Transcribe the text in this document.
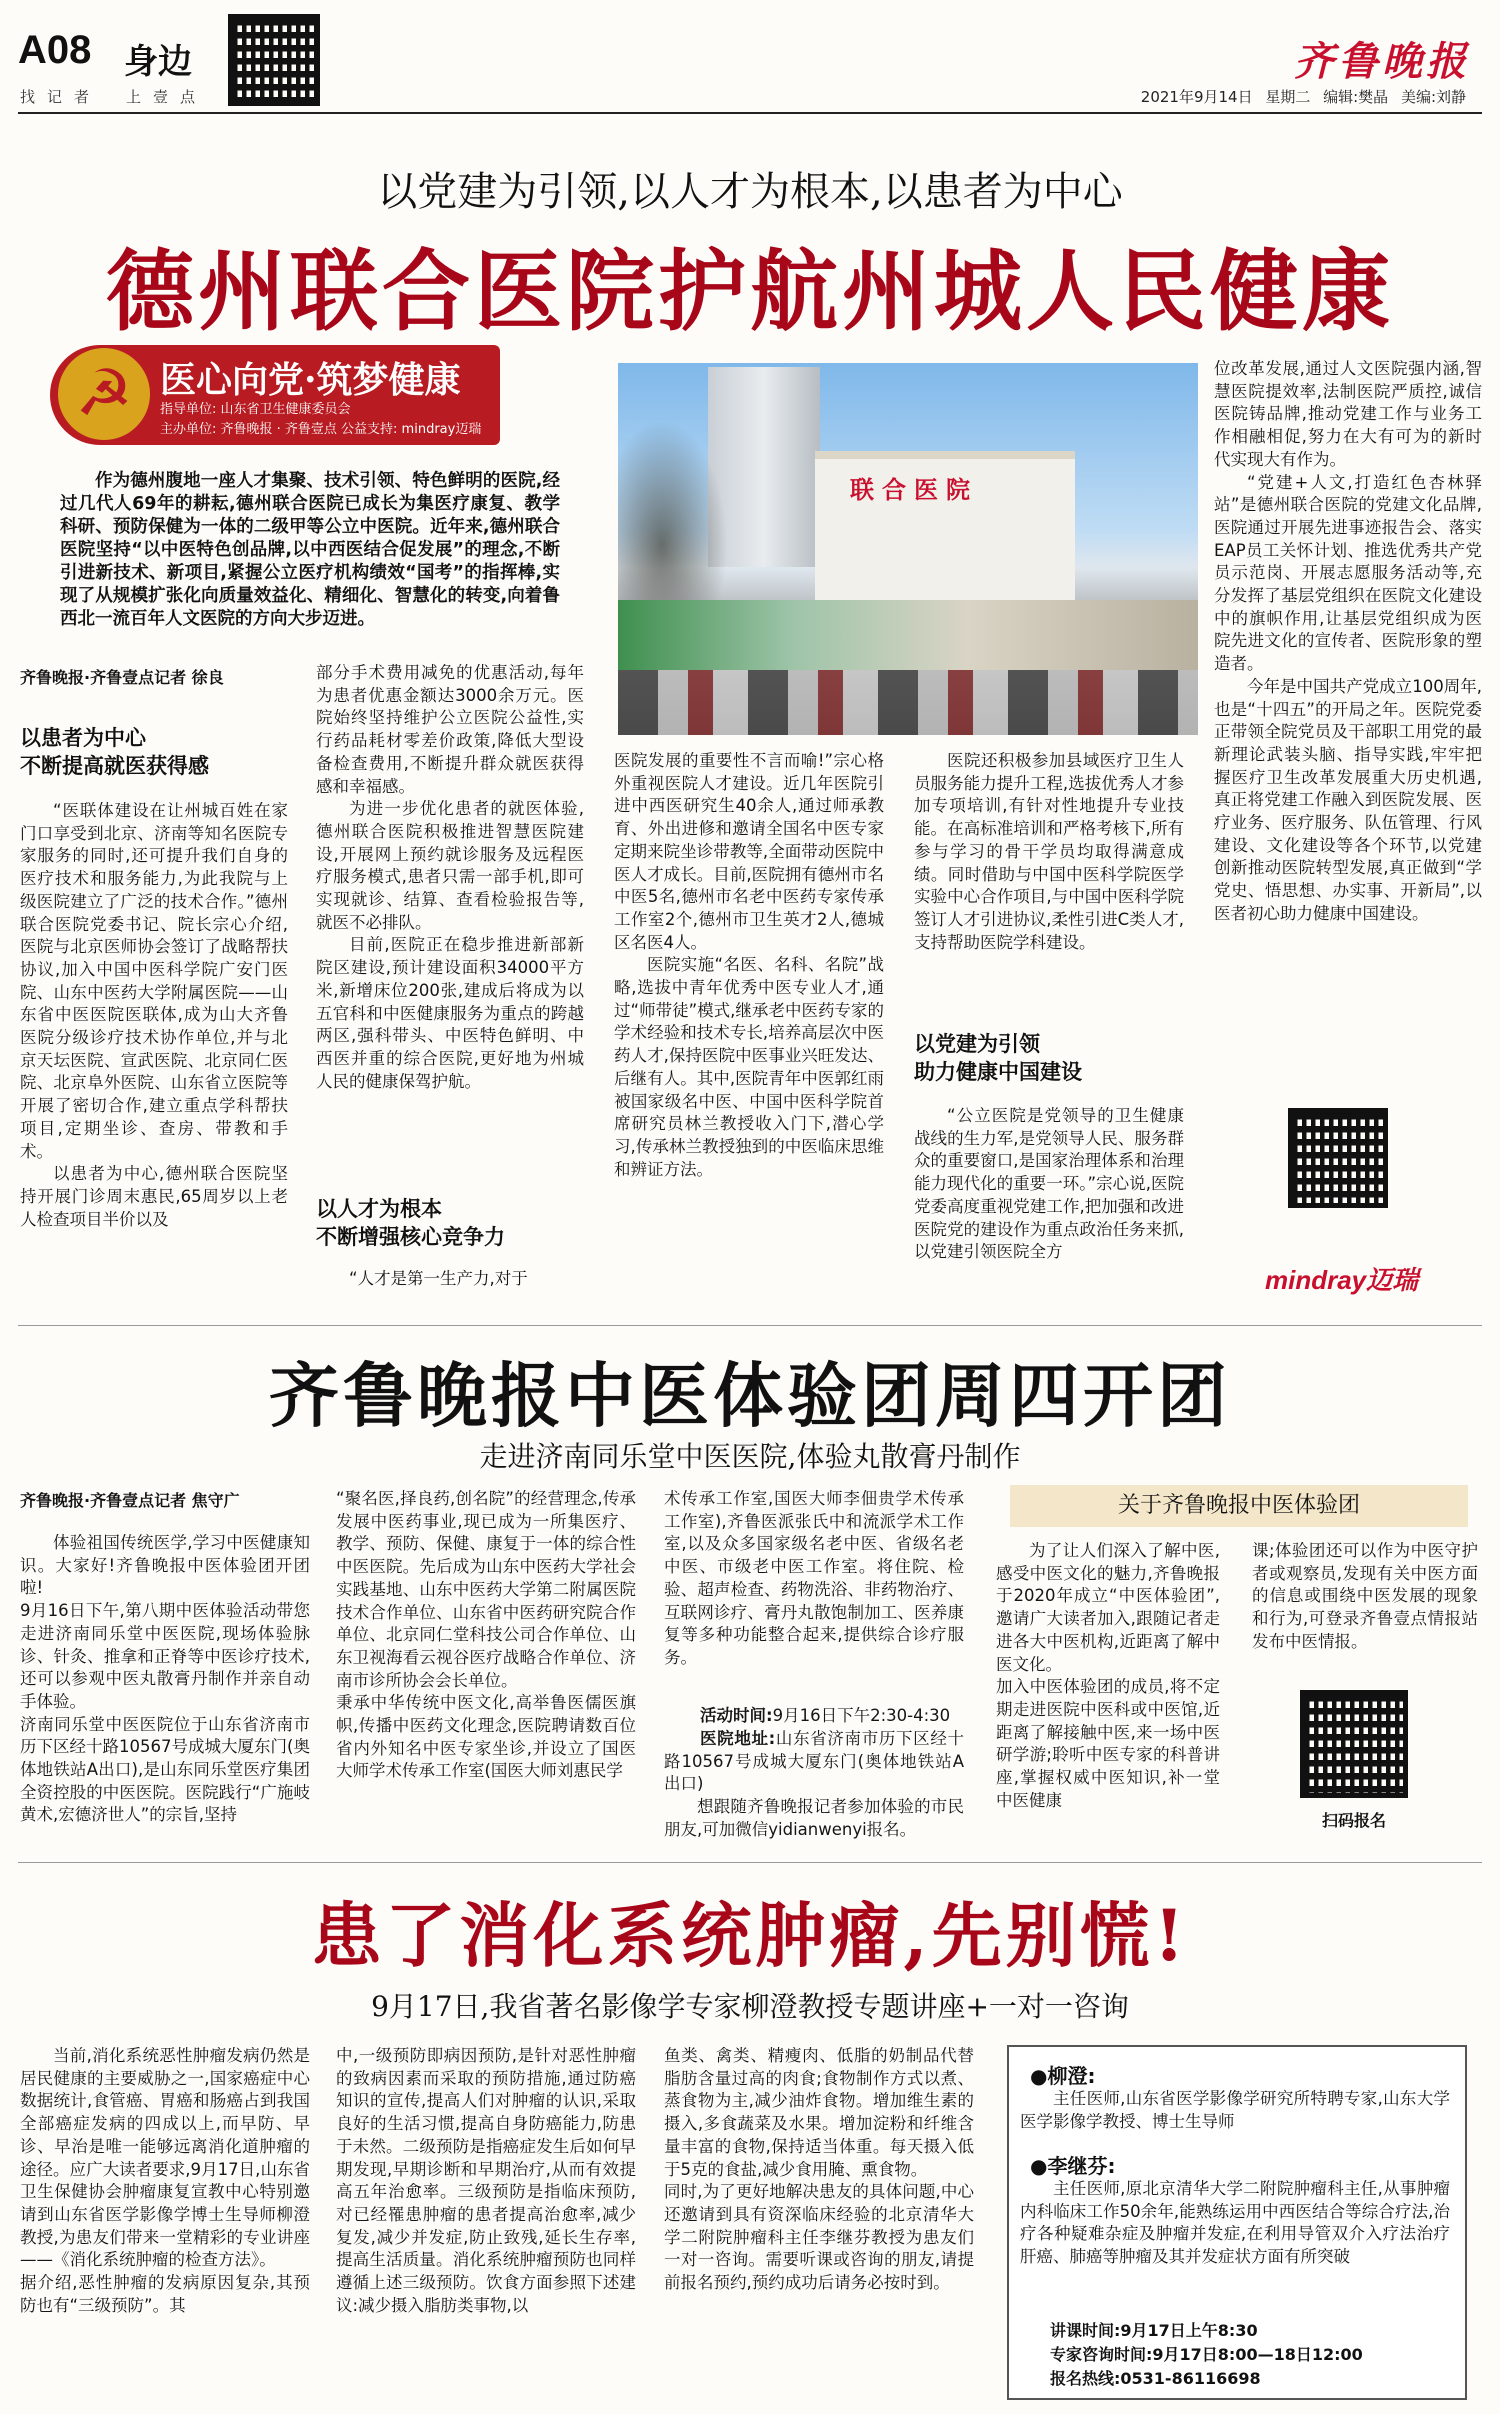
A08 身边
找记者 上壹点
齐鲁晚报
2021年9月14日 星期二 编辑:樊晶 美编:刘静
以党建为引领,以人才为根本,以患者为中心
德州联合医院护航州城人民健康
☭ 医心向党·筑梦健康
指导单位: 山东省卫生健康委员会
主办单位: 齐鲁晚报 · 齐鲁壹点 公益支持: mindray迈瑞
作为德州腹地一座人才集聚、技术引领、特色鲜明的医院,经过几代人69年的耕耘,德州联合医院已成长为集医疗康复、教学科研、预防保健为一体的二级甲等公立中医院。近年来,德州联合医院坚持“以中医特色创品牌,以中西医结合促发展”的理念,不断引进新技术、新项目,紧握公立医疗机构绩效“国考”的指挥棒,实现了从规模扩张化向质量效益化、精细化、智慧化的转变,向着鲁西北一流百年人文医院的方向大步迈进。
齐鲁晚报·齐鲁壹点记者 徐良
以患者为中心
不断提高就医获得感

“医联体建设在让州城百姓在家门口享受到北京、济南等知名医院专家服务的同时,还可提升我们自身的医疗技术和服务能力,为此我院与上级医院建立了广泛的技术合作。”德州联合医院党委书记、院长宗心介绍,医院与北京医师协会签订了战略帮扶协议,加入中国中医科学院广安门医院、山东中医药大学附属医院——山东省中医医院医联体,成为山大齐鲁医院分级诊疗技术协作单位,并与北京天坛医院、宣武医院、北京同仁医院、北京阜外医院、山东省立医院等开展了密切合作,建立重点学科帮扶项目,定期坐诊、查房、带教和手术。

以患者为中心,德州联合医院坚持开展门诊周末惠民,65周岁以上老人检查项目半价以及

部分手术费用减免的优惠活动,每年为患者优惠金额达3000余万元。医院始终坚持维护公立医院公益性,实行药品耗材零差价政策,降低大型设备检查费用,不断提升群众就医获得感和幸福感。

为进一步优化患者的就医体验,德州联合医院积极推进智慧医院建设,开展网上预约就诊服务及远程医疗服务模式,患者只需一部手机,即可实现就诊、结算、查看检验报告等,就医不必排队。

目前,医院正在稳步推进新部新院区建设,预计建设面积34000平方米,新增床位200张,建成后将成为以五官科和中医健康服务为重点的跨越两区,强科带头、中医特色鲜明、中西医并重的综合医院,更好地为州城人民的健康保驾护航。

以人才为根本
不断增强核心竞争力

“人才是第一生产力,对于

联合医院

医院发展的重要性不言而喻!”宗心格外重视医院人才建设。近几年医院引进中西医研究生40余人,通过师承教育、外出进修和邀请全国名中医专家定期来院坐诊带教等,全面带动医院中医人才成长。目前,医院拥有德州市名中医5名,德州市名老中医药专家传承工作室2个,德州市卫生英才2人,德城区名医4人。

医院实施“名医、名科、名院”战略,选拔中青年优秀中医专业人才,通过“师带徒”模式,继承老中医药专家的学术经验和技术专长,培养高层次中医药人才,保持医院中医事业兴旺发达、后继有人。其中,医院青年中医郭红雨被国家级名中医、中国中医科学院首席研究员林兰教授收入门下,潜心学习,传承林兰教授独到的中医临床思维和辨证方法。

医院还积极参加县域医疗卫生人员服务能力提升工程,选拔优秀人才参加专项培训,有针对性地提升专业技能。在高标准培训和严格考核下,所有参与学习的骨干学员均取得满意成绩。同时借助与中国中医科学院医学实验中心合作项目,与中国中医科学院签订人才引进协议,柔性引进C类人才,支持帮助医院学科建设。

以党建为引领
助力健康中国建设

“公立医院是党领导的卫生健康战线的生力军,是党领导人民、服务群众的重要窗口,是国家治理体系和治理能力现代化的重要一环。”宗心说,医院党委高度重视党建工作,把加强和改进医院党的建设作为重点政治任务来抓,以党建引领医院全方

位改革发展,通过人文医院强内涵,智慧医院提效率,法制医院严质控,诚信医院铸品牌,推动党建工作与业务工作相融相促,努力在大有可为的新时代实现大有作为。

“党建+人文,打造红色杏林驿站”是德州联合医院的党建文化品牌,医院通过开展先进事迹报告会、落实EAP员工关怀计划、推选优秀共产党员示范岗、开展志愿服务活动等,充分发挥了基层党组织在医院文化建设中的旗帜作用,让基层党组织成为医院先进文化的宣传者、医院形象的塑造者。

今年是中国共产党成立100周年,也是“十四五”的开局之年。医院党委正带领全院党员及干部职工用党的最新理论武装头脑、指导实践,牢牢把握医疗卫生改革发展重大历史机遇,真正将党建工作融入到医院发展、医疗业务、医疗服务、队伍管理、行风建设、文化建设等各个环节,以党建创新推动医院转型发展,真正做到“学党史、悟思想、办实事、开新局”,以医者初心助力健康中国建设。

mindray迈瑞
齐鲁晚报中医体验团周四开团
走进济南同乐堂中医医院,体验丸散膏丹制作
齐鲁晚报·齐鲁壹点记者 焦守广
体验祖国传统医学,学习中医健康知识。大家好!齐鲁晚报中医体验团开团啦!
9月16日下午,第八期中医体验活动带您走进济南同乐堂中医医院,现场体验脉诊、针灸、推拿和正脊等中医诊疗技术,还可以参观中医丸散膏丹制作并亲自动手体验。
济南同乐堂中医医院位于山东省济南市历下区经十路10567号成城大厦东门(奥体地铁站A出口),是山东同乐堂医疗集团全资控股的中医医院。医院践行“广施岐黄术,宏德济世人”的宗旨,坚持
“聚名医,择良药,创名院”的经营理念,传承发展中医药事业,现已成为一所集医疗、教学、预防、保健、康复于一体的综合性中医医院。先后成为山东中医药大学社会实践基地、山东中医药大学第二附属医院技术合作单位、山东省中医药研究院合作单位、北京同仁堂科技公司合作单位、山东卫视海看云视谷医疗战略合作单位、济南市诊所协会会长单位。
秉承中华传统中医文化,高举鲁医儒医旗帜,传播中医药文化理念,医院聘请数百位省内外知名中医专家坐诊,并设立了国医大师学术传承工作室(国医大师刘惠民学
术传承工作室,国医大师李佃贵学术传承工作室),齐鲁医派张氏中和流派学术工作室,以及众多国家级名老中医、省级名老中医、市级老中医工作室。将住院、检验、超声检查、药物洗浴、非药物治疗、互联网诊疗、膏丹丸散饱制加工、医养康复等多种功能整合起来,提供综合诊疗服务。
活动时间:9月16日下午2:30-4:30
医院地址:山东省济南市历下区经十路10567号成城大厦东门(奥体地铁站A出口)
想跟随齐鲁晚报记者参加体验的市民朋友,可加微信yidianwenyi报名。
关于齐鲁晚报中医体验团
为了让人们深入了解中医,感受中医文化的魅力,齐鲁晚报于2020年成立“中医体验团”,邀请广大读者加入,跟随记者走进各大中医机构,近距离了解中医文化。
加入中医体验团的成员,将不定期走进医院中医科或中医馆,近距离了解接触中医,来一场中医研学游;聆听中医专家的科普讲座,掌握权威中医知识,补一堂中医健康
课;体验团还可以作为中医守护者或观察员,发现有关中医方面的信息或围绕中医发展的现象和行为,可登录齐鲁壹点情报站发布中医情报。
扫码报名
患了消化系统肿瘤,先别慌!
9月17日,我省著名影像学专家柳澄教授专题讲座+一对一咨询
当前,消化系统恶性肿瘤发病仍然是居民健康的主要威胁之一,国家癌症中心数据统计,食管癌、胃癌和肠癌占到我国全部癌症发病的四成以上,而早防、早诊、早治是唯一能够远离消化道肿瘤的途径。应广大读者要求,9月17日,山东省卫生保健协会肿瘤康复宣教中心特别邀请到山东省医学影像学博士生导师柳澄教授,为患友们带来一堂精彩的专业讲座——《消化系统肿瘤的检查方法》。
据介绍,恶性肿瘤的发病原因复杂,其预防也有“三级预防”。其
中,一级预防即病因预防,是针对恶性肿瘤的致病因素而采取的预防措施,通过防癌知识的宣传,提高人们对肿瘤的认识,采取良好的生活习惯,提高自身防癌能力,防患于未然。二级预防是指癌症发生后如何早期发现,早期诊断和早期治疗,从而有效提高五年治愈率。三级预防是指临床预防,对已经罹患肿瘤的患者提高治愈率,减少复发,减少并发症,防止致残,延长生存率,提高生活质量。消化系统肿瘤预防也同样遵循上述三级预防。饮食方面参照下述建议:减少摄入脂肪类事物,以
鱼类、禽类、精瘦肉、低脂的奶制品代替脂肪含量过高的肉食;食物制作方式以煮、蒸食物为主,减少油炸食物。增加维生素的摄入,多食蔬菜及水果。增加淀粉和纤维含量丰富的食物,保持适当体重。每天摄入低于5克的食盐,减少食用腌、熏食物。
同时,为了更好地解决患友的具体问题,中心还邀请到具有资深临床经验的北京清华大学二附院肿瘤科主任李继芬教授为患友们一对一咨询。需要听课或咨询的朋友,请提前报名预约,预约成功后请务必按时到。
●柳澄:
主任医师,山东省医学影像学研究所特聘专家,山东大学医学影像学教授、博士生导师
●李继芬:
主任医师,原北京清华大学二附院肿瘤科主任,从事肿瘤内科临床工作50余年,能熟练运用中西医结合等综合疗法,治疗各种疑难杂症及肿瘤并发症,在利用导管双介入疗法治疗肝癌、肺癌等肿瘤及其并发症状方面有所突破
讲课时间:9月17日上午8:30
专家咨询时间:9月17日8:00—18日12:00
报名热线:0531-86116698
